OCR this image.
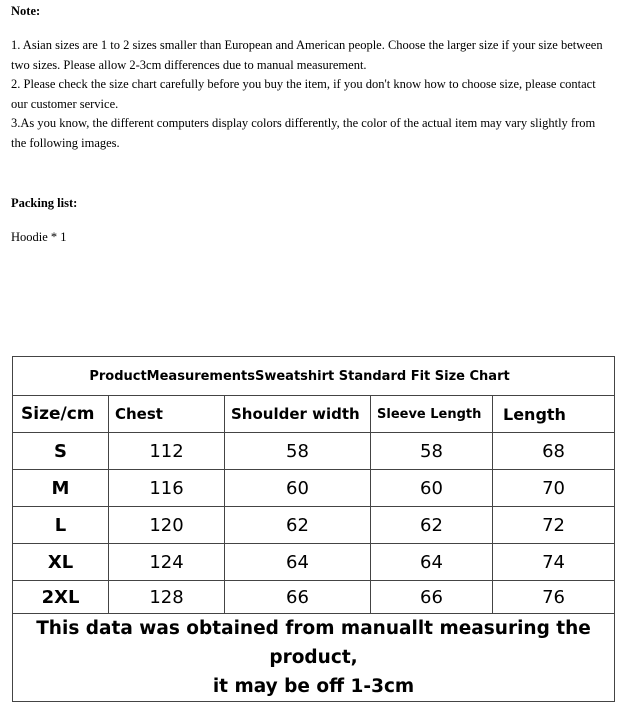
Note:

1. Asian sizes are 1 to 2 sizes smaller than European and American people. Choose the larger size if your size between two sizes. Please allow 2-3cm differences due to manual measurement.

2. Please check the size chart carefully before you buy the item, if you don't know how to choose size, please contact our customer service.

3.As you know, the different computers display colors differently, the color of the actual item may vary slightly from the following images.

Packing list:
Hoodie * 1
ProductMeasurementsSweatshirt Standard Fit Size Chart				
Size/cm	Chest	Shoulder width	Sleeve Length	Length
S	112	58	58	68
M	116	60	60	70
L	120	62	62	72
XL	124	64	64	74
2XL	128	66	66	76

This data was obtained from manuallt measuring the product,
it may be off 1-3cm				
